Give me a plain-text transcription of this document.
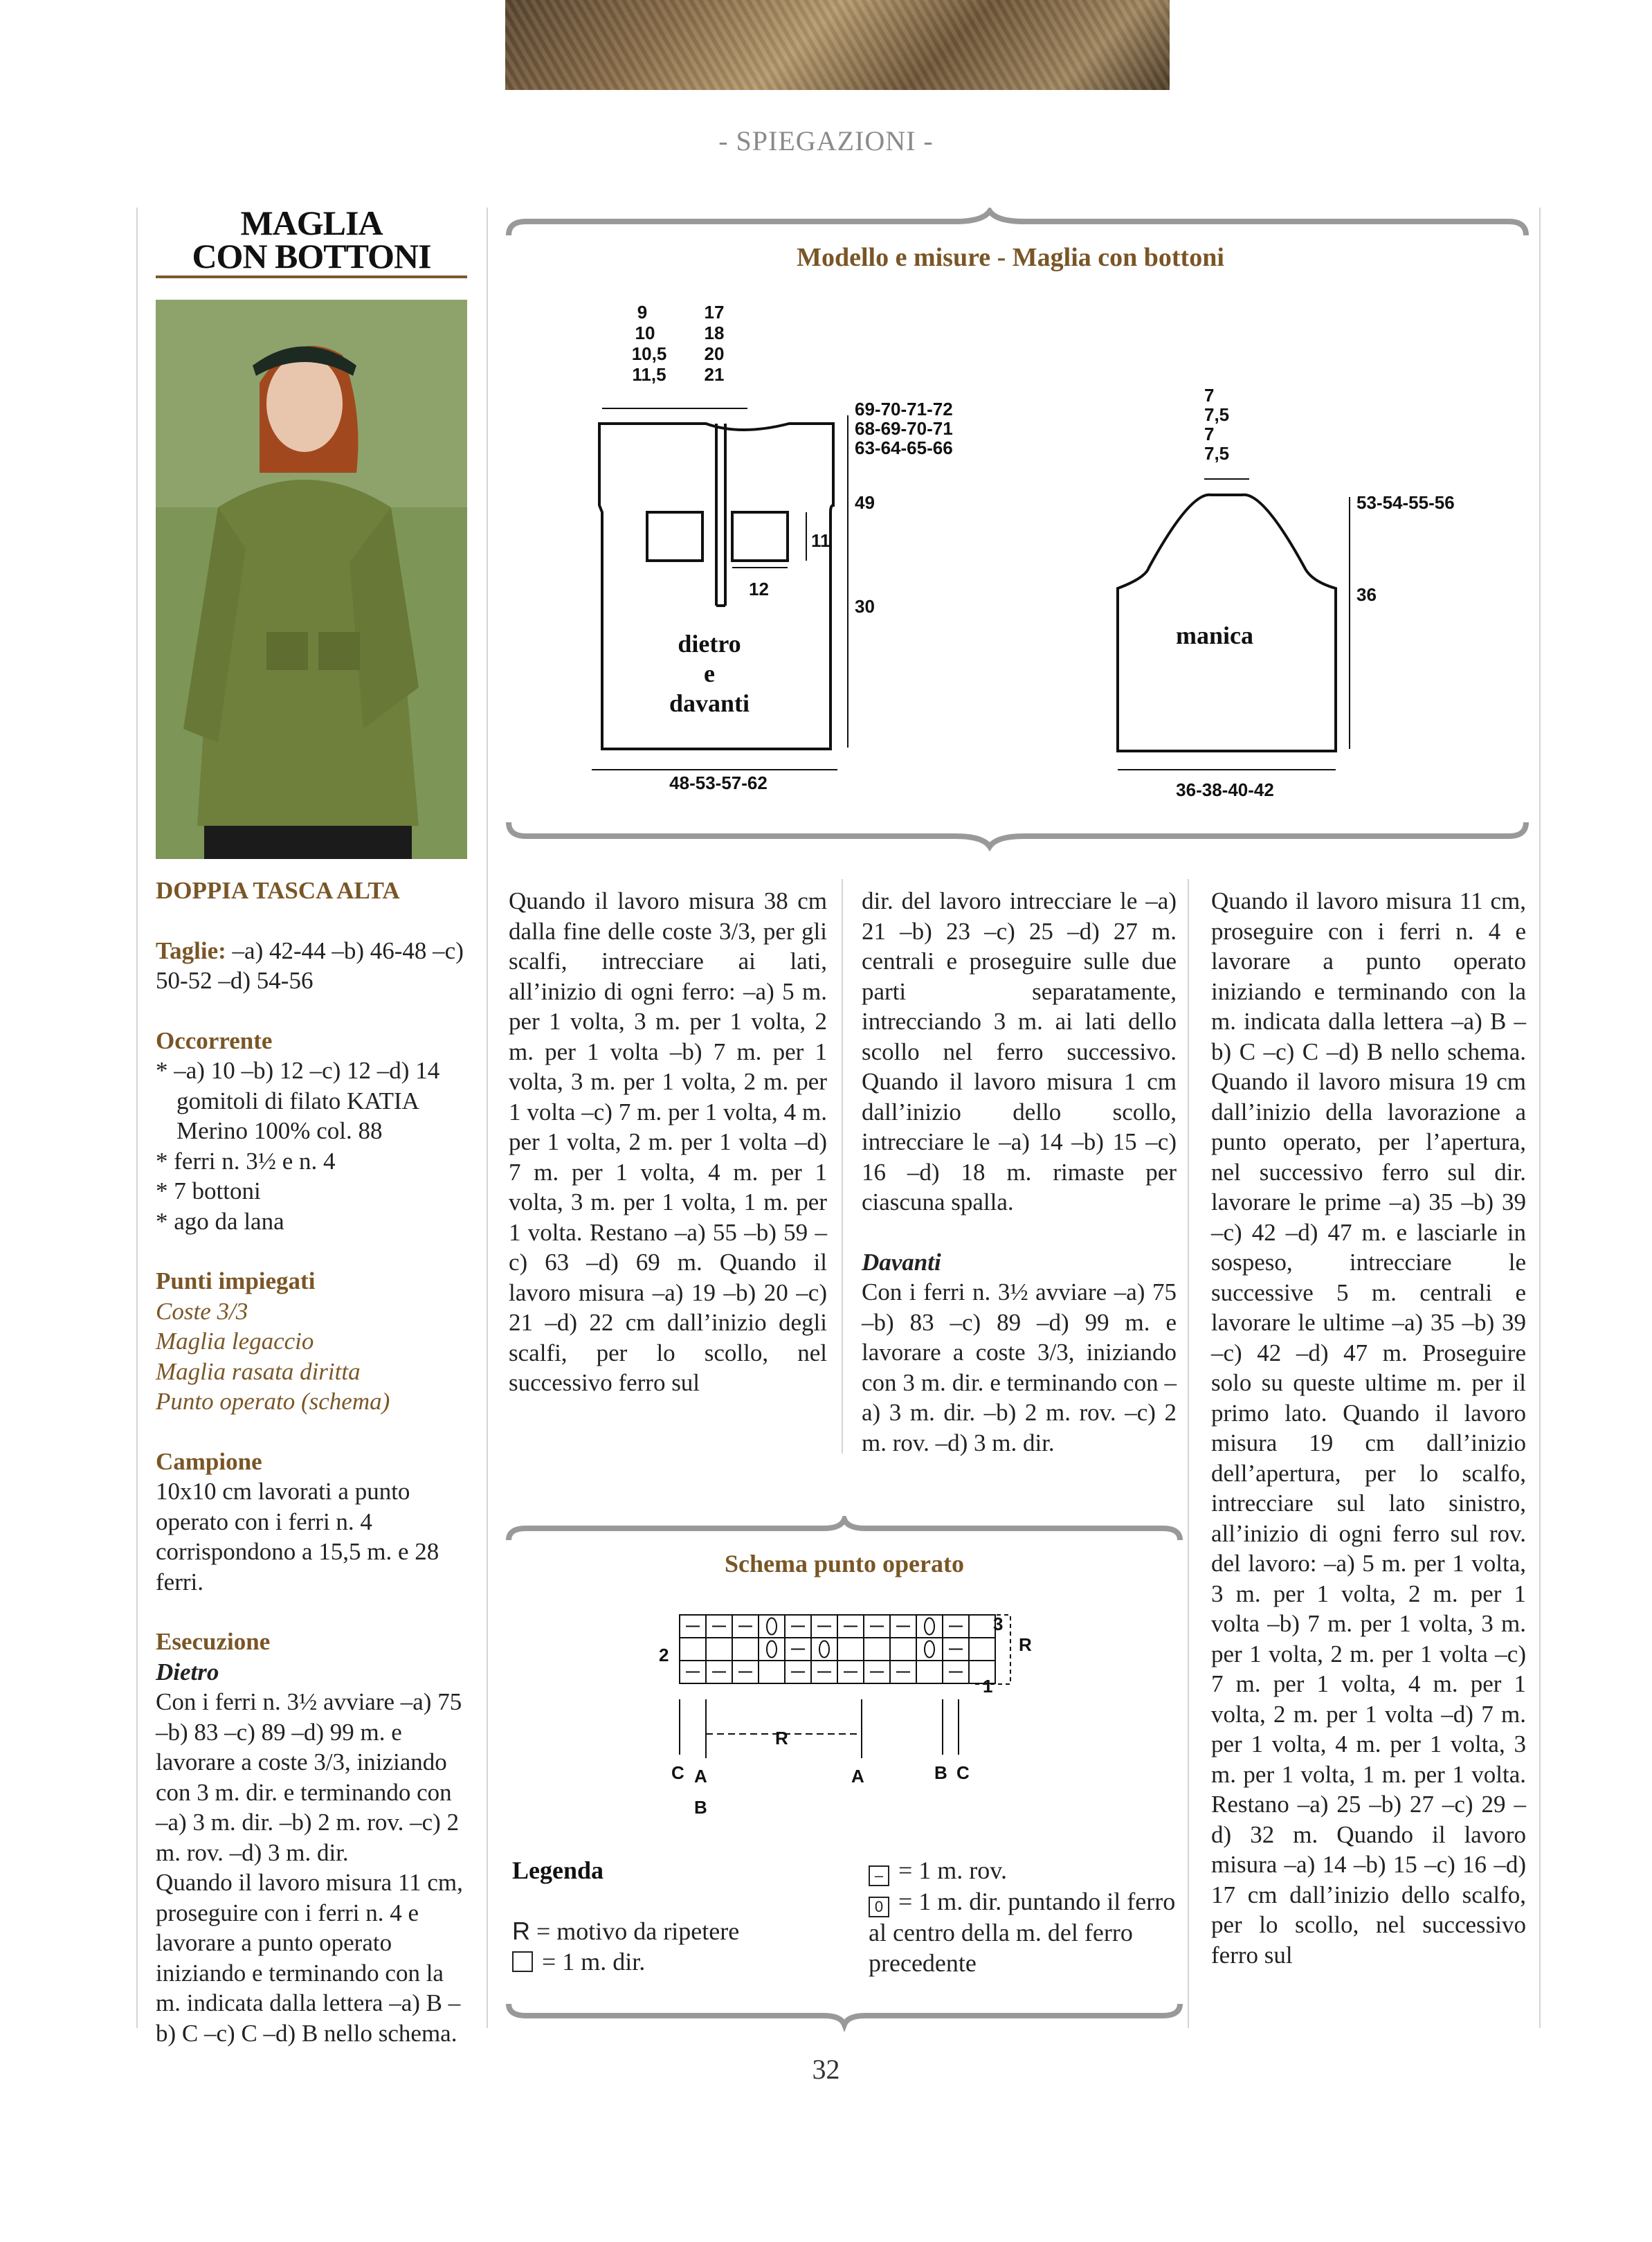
- SPIEGAZIONI -
MAGLIA
CON BOTTONI
DOPPIA TASCA ALTA
Taglie: –a) 42-44 –b) 46-48 –c) 50-52 –d) 54-56
Occorrente
* –a) 10 –b) 12 –c) 12 –d) 14 gomitoli di filato KATIA Merino 100% col. 88
* ferri n. 3½ e n. 4
* 7 bottoni
* ago da lana
Punti impiegati
Coste 3/3
Maglia legaccio
Maglia rasata diritta
Punto operato (schema)
Campione
10x10 cm lavorati a punto operato con i ferri n. 4 corrispondono a 15,5 m. e 28 ferri.
Esecuzione
Dietro
Con i ferri n. 3½ avviare –a) 75 –b) 83 –c) 89 –d) 99 m. e lavorare a coste 3/3, iniziando con 3 m. dir. e terminando con –a) 3 m. dir. –b) 2 m. rov. –c) 2 m. rov. –d) 3 m. dir.
Quando il lavoro misura 11 cm, proseguire con i ferri n. 4 e lavorare a punto operato iniziando e terminando con la m. indicata dalla lettera –a) B –b) C –c) C –d) B nello schema.
9
10
10,5
11,5
17
18
20
21
69-70-71-72
68-69-70-71
63-64-65-66
49
30
11
12
dietro
e
davanti
48-53-57-62
7
7,5
7
7,5
53-54-55-56
36
manica
36-38-40-42
Modello e misure - Maglia con bottoni
Quando il lavoro misura 38 cm dalla fine delle coste 3/3, per gli scalfi, intrecciare ai lati, all’inizio di ogni ferro: –a) 5 m. per 1 volta, 3 m. per 1 volta, 2 m. per 1 volta –b) 7 m. per 1 volta, 3 m. per 1 volta, 2 m. per 1 volta –c) 7 m. per 1 volta, 4 m. per 1 volta, 2 m. per 1 volta –d) 7 m. per 1 volta, 4 m. per 1 volta, 3 m. per 1 volta, 1 m. per 1 volta. Restano –a) 55 –b) 59 –c) 63 –d) 69 m. Quando il lavoro misura –a) 19 –b) 20 –c) 21 –d) 22 cm dall’inizio degli scalfi, per lo scollo, nel successivo ferro sul
dir. del lavoro intrecciare le –a) 21 –b) 23 –c) 25 –d) 27 m. centrali e proseguire sulle due parti separatamente, intrecciando 3 m. ai lati dello scollo nel ferro successivo. Quando il lavoro misura 1 cm dall’inizio dello scollo, intrecciare le –a) 14 –b) 15 –c) 16 –d) 18 m. rimaste per ciascuna spalla.
Davanti
Con i ferri n. 3½ avviare –a) 75 –b) 83 –c) 89 –d) 99 m. e lavorare a coste 3/3, iniziando con 3 m. dir. e terminando con –a) 3 m. dir. –b) 2 m. rov. –c) 2 m. rov. –d) 3 m. dir.
Quando il lavoro misura 11 cm, proseguire con i ferri n. 4 e lavorare a punto operato iniziando e terminando con la m. indicata dalla lettera –a) B –b) C –c) C –d) B nello schema. Quando il lavoro misura 19 cm dall’inizio della lavorazione a punto operato, per l’apertura, nel successivo ferro sul dir. lavorare le prime –a) 35 –b) 39 –c) 42 –d) 47 m. e lasciarle in sospeso, intrecciare le successive 5 m. centrali e lavorare le ultime –a) 35 –b) 39 –c) 42 –d) 47 m. Proseguire solo su queste ultime m. per il primo lato. Quando il lavoro misura 19 cm dall’inizio dell’apertura, per lo scalfo, intrecciare sul lato sinistro, all’inizio di ogni ferro sul rov. del lavoro: –a) 5 m. per 1 volta, 3 m. per 1 volta, 2 m. per 1 volta –b) 7 m. per 1 volta, 3 m. per 1 volta, 2 m. per 1 volta –c) 7 m. per 1 volta, 4 m. per 1 volta, 2 m. per 1 volta –d) 7 m. per 1 volta, 4 m. per 1 volta, 3 m. per 1 volta, 1 m. per 1 volta. Restano –a) 25 –b) 27 –c) 29 –d) 32 m. Quando il lavoro misura –a) 14 –b) 15 –c) 16 –d) 17 cm dall’inizio dello scalfo, per lo scollo, nel successivo ferro sul
3
2
1
R
R
C A
B
A	B C
Schema punto operato
Legenda
R = motivo da ripetere
= 1 m. dir.
– = 1 m. rov.
0 = 1 m. dir. puntando il ferro al centro della m. del ferro precedente
32
